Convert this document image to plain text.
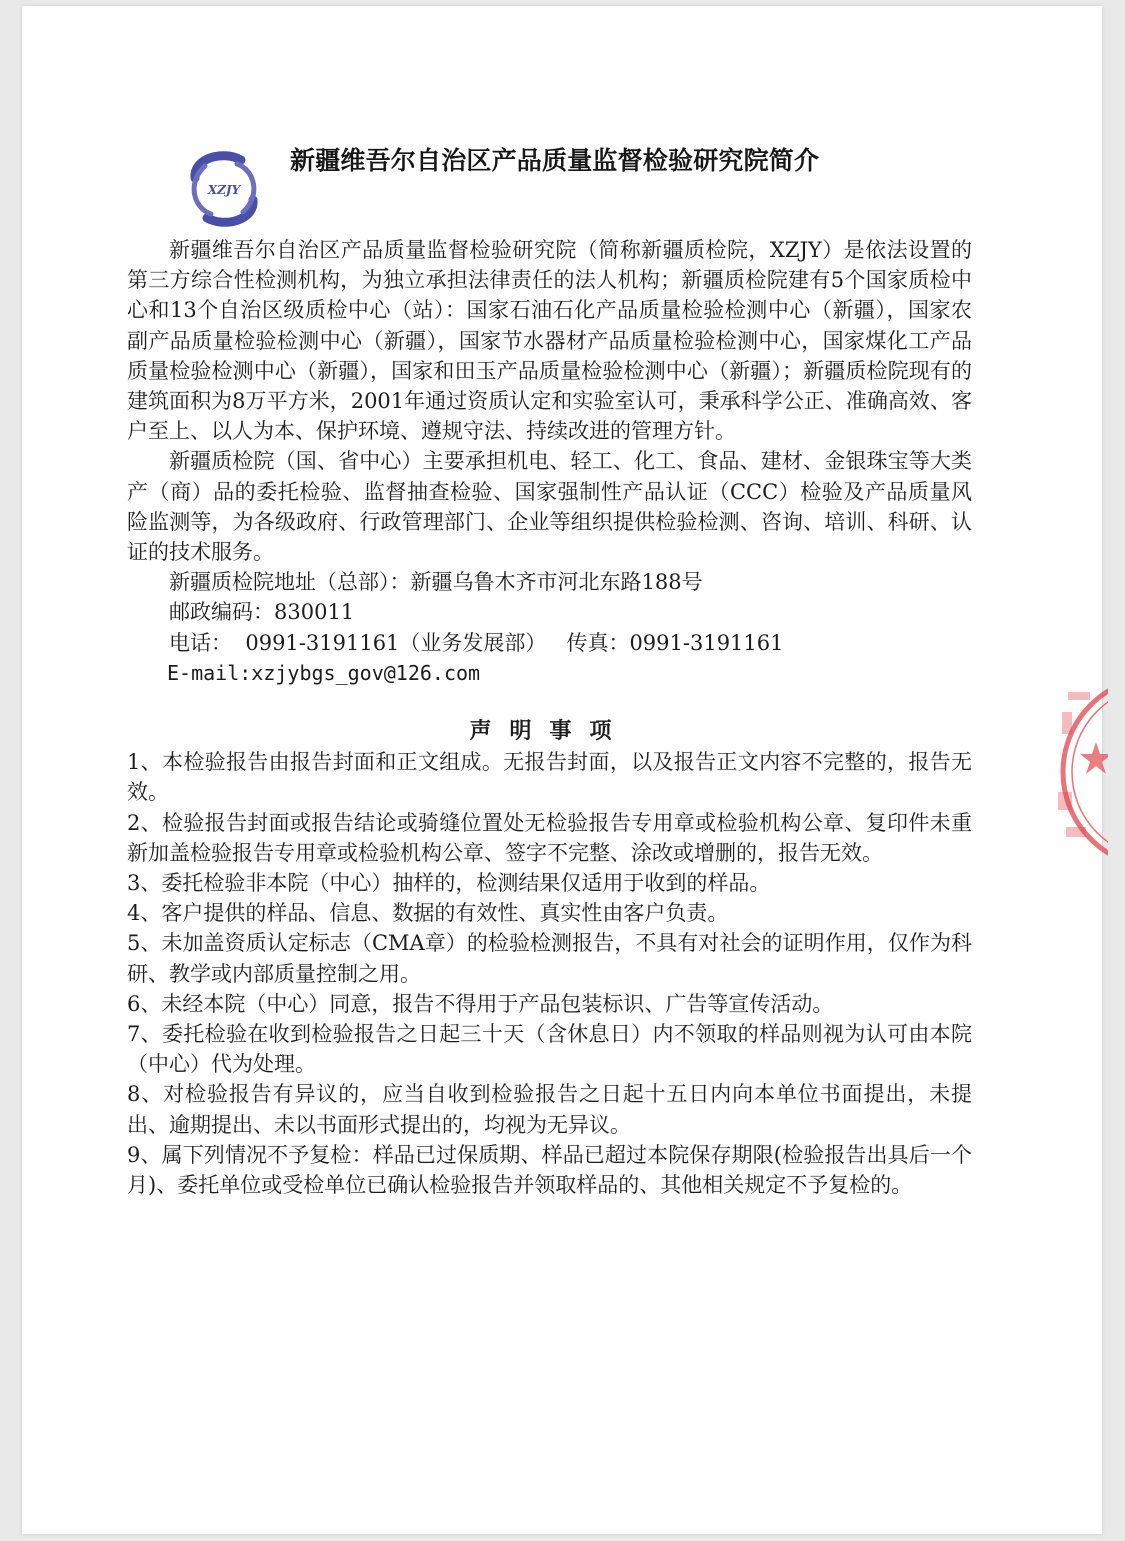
XZJY
新疆维吾尔自治区产品质量监督检验研究院简介

新疆维吾尔自治区产品质量监督检验研究院（简称新疆质检院，XZJY）是依法设置的第三方综合性检测机构，为独立承担法律责任的法人机构；新疆质检院建有5个国家质检中心和13个自治区级质检中心（站）：国家石油石化产品质量检验检测中心（新疆），国家农副产品质量检验检测中心（新疆），国家节水器材产品质量检验检测中心，国家煤化工产品质量检验检测中心（新疆），国家和田玉产品质量检验检测中心（新疆）；新疆质检院现有的建筑面积为8万平方米，2001年通过资质认定和实验室认可，秉承科学公正、准确高效、客户至上、以人为本、保护环境、遵规守法、持续改进的管理方针。

新疆质检院（国、省中心）主要承担机电、轻工、化工、食品、建材、金银珠宝等大类产（商）品的委托检验、监督抽查检验、国家强制性产品认证（CCC）检验及产品质量风险监测等，为各级政府、行政管理部门、企业等组织提供检验检测、咨询、培训、科研、认证的技术服务。

新疆质检院地址（总部）：新疆乌鲁木齐市河北东路188号

邮政编码：830011

电话：  0991-3191161（业务发展部）   传真：0991-3191161

E-mail:xzjybgs_gov@126.com

声明事项

1、本检验报告由报告封面和正文组成。无报告封面，以及报告正文内容不完整的，报告无效。

2、检验报告封面或报告结论或骑缝位置处无检验报告专用章或检验机构公章、复印件未重新加盖检验报告专用章或检验机构公章、签字不完整、涂改或增删的，报告无效。

3、委托检验非本院（中心）抽样的，检测结果仅适用于收到的样品。

4、客户提供的样品、信息、数据的有效性、真实性由客户负责。

5、未加盖资质认定标志（CMA章）的检验检测报告，不具有对社会的证明作用，仅作为科研、教学或内部质量控制之用。

6、未经本院（中心）同意，报告不得用于产品包装标识、广告等宣传活动。

7、委托检验在收到检验报告之日起三十天（含休息日）内不领取的样品则视为认可由本院（中心）代为处理。

8、对检验报告有异议的，应当自收到检验报告之日起十五日内向本单位书面提出，未提出、逾期提出、未以书面形式提出的，均视为无异议。

9、属下列情况不予复检：样品已过保质期、样品已超过本院保存期限(检验报告出具后一个月)、委托单位或受检单位已确认检验报告并领取样品的、其他相关规定不予复检的。
